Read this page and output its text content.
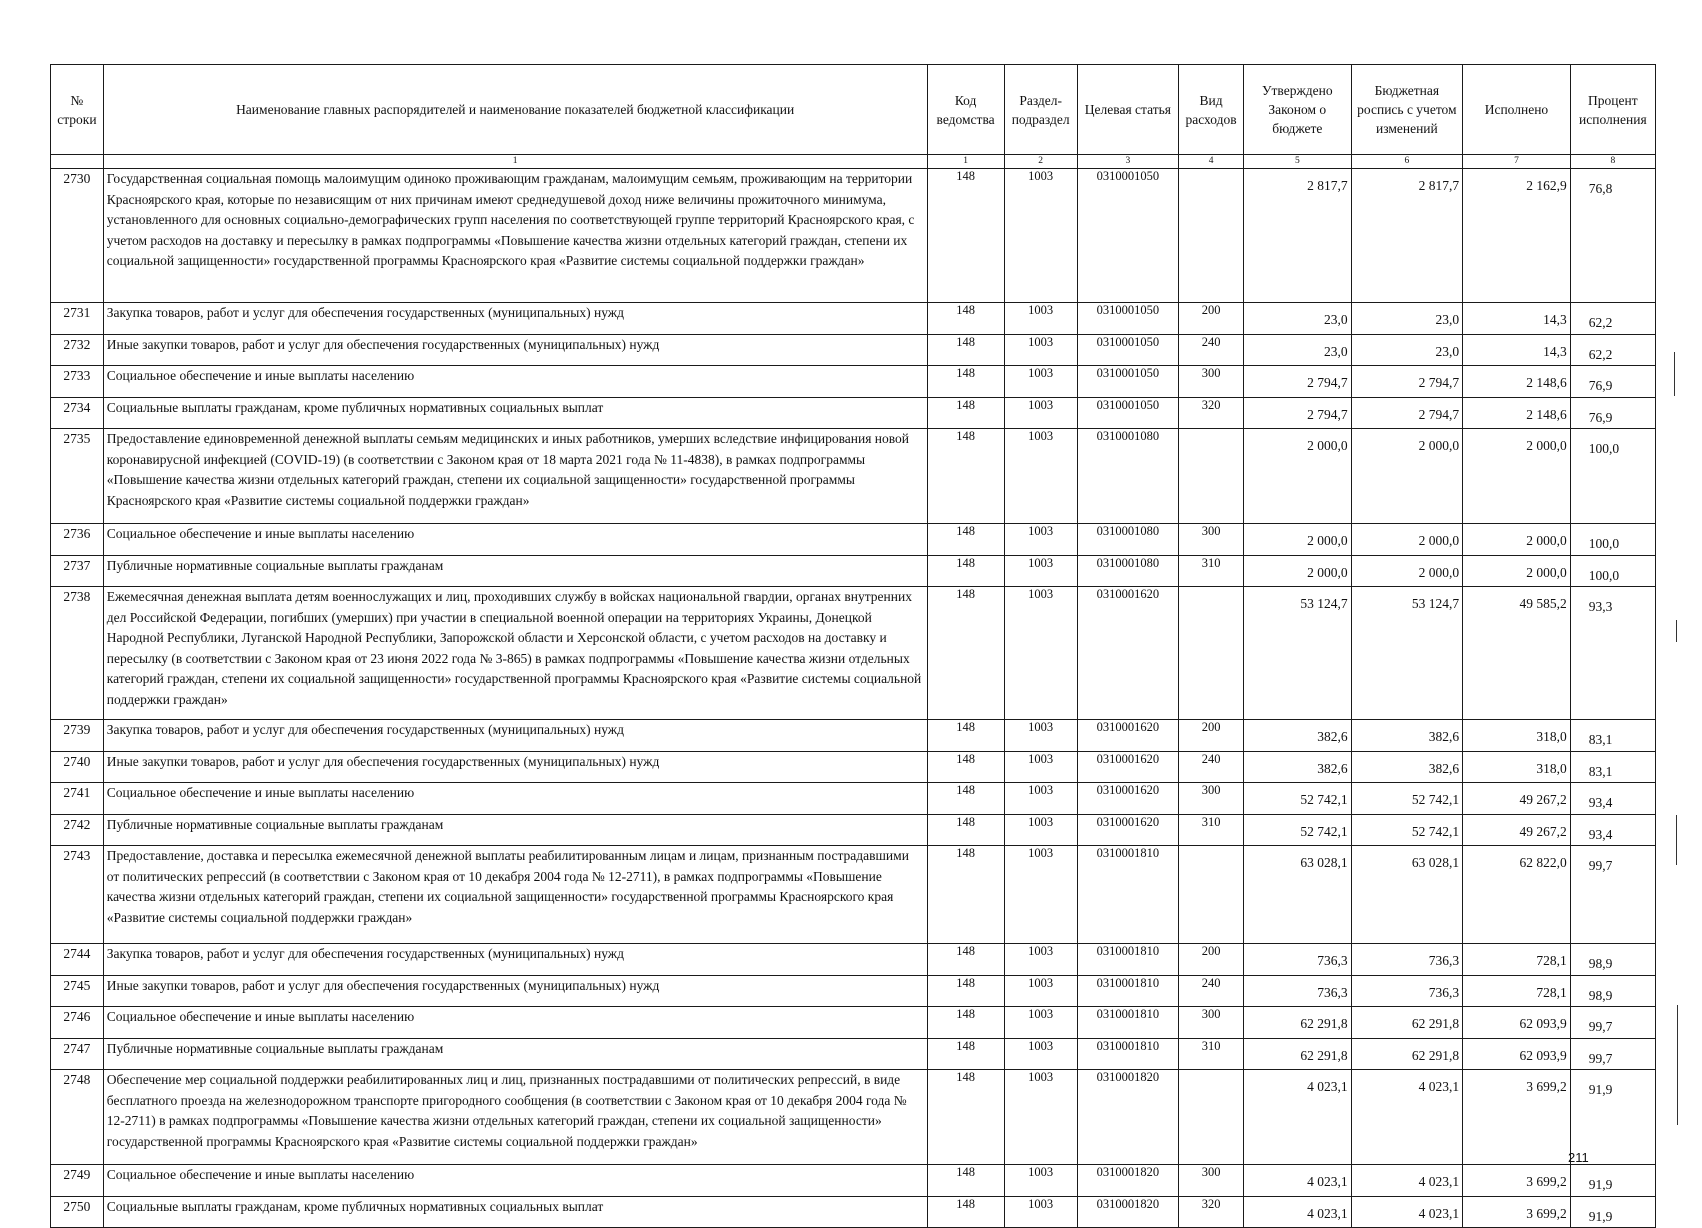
№ строки	Наименование главных распорядителей и наименование показателей бюджетной классификации	Код ведомства	Раздел-подраздел	Целевая статья	Вид расходов	Утверждено Законом о бюджете	Бюджетная роспись с учетом изменений	Исполнено	Процент исполнения
	1	1	2	3	4	5	6	7	8
2730	Государственная социальная помощь малоимущим одиноко проживающим гражданам, малоимущим семьям, проживающим на территории Красноярского края, которые по независящим от них причинам имеют среднедушевой доход ниже величины прожиточного минимума, установленного для основных социально-демографических групп населения по соответствующей группе территорий Красноярского края, с учетом расходов на доставку и пересылку в рамках подпрограммы «Повышение качества жизни отдельных категорий граждан, степени их социальной защищенности» государственной программы Красноярского края «Развитие системы социальной поддержки граждан»	148	1003	0310001050		2 817,7	2 817,7	2 162,9	76,8
2731	Закупка товаров, работ и услуг для обеспечения государственных (муниципальных) нужд	148	1003	0310001050	200	23,0	23,0	14,3	62,2
2732	Иные закупки товаров, работ и услуг для обеспечения государственных (муниципальных) нужд	148	1003	0310001050	240	23,0	23,0	14,3	62,2
2733	Социальное обеспечение и иные выплаты населению	148	1003	0310001050	300	2 794,7	2 794,7	2 148,6	76,9
2734	Социальные выплаты гражданам, кроме публичных нормативных социальных выплат	148	1003	0310001050	320	2 794,7	2 794,7	2 148,6	76,9
2735	Предоставление единовременной денежной выплаты семьям медицинских и иных работников, умерших вследствие инфицирования новой коронавирусной инфекцией (COVID-19) (в соответствии с Законом края от 18 марта 2021 года № 11-4838), в рамках подпрограммы «Повышение качества жизни отдельных категорий граждан, степени их социальной защищенности» государственной программы Красноярского края «Развитие системы социальной поддержки граждан»	148	1003	0310001080		2 000,0	2 000,0	2 000,0	100,0
2736	Социальное обеспечение и иные выплаты населению	148	1003	0310001080	300	2 000,0	2 000,0	2 000,0	100,0
2737	Публичные нормативные социальные выплаты гражданам	148	1003	0310001080	310	2 000,0	2 000,0	2 000,0	100,0
2738	Ежемесячная денежная выплата детям военнослужащих и лиц, проходивших службу в войсках национальной гвардии, органах внутренних дел Российской Федерации, погибших (умерших) при участии в специальной военной операции на территориях Украины, Донецкой Народной Республики, Луганской Народной Республики, Запорожской области и Херсонской области, с учетом расходов на доставку и пересылку (в соответствии с Законом края от 23 июня 2022 года № 3-865) в рамках подпрограммы «Повышение качества жизни отдельных категорий граждан, степени их социальной защищенности» государственной программы Красноярского края «Развитие системы социальной поддержки граждан»	148	1003	0310001620		53 124,7	53 124,7	49 585,2	93,3
2739	Закупка товаров, работ и услуг для обеспечения государственных (муниципальных) нужд	148	1003	0310001620	200	382,6	382,6	318,0	83,1
2740	Иные закупки товаров, работ и услуг для обеспечения государственных (муниципальных) нужд	148	1003	0310001620	240	382,6	382,6	318,0	83,1
2741	Социальное обеспечение и иные выплаты населению	148	1003	0310001620	300	52 742,1	52 742,1	49 267,2	93,4
2742	Публичные нормативные социальные выплаты гражданам	148	1003	0310001620	310	52 742,1	52 742,1	49 267,2	93,4
2743	Предоставление, доставка и пересылка ежемесячной денежной выплаты реабилитированным лицам и лицам, признанным пострадавшими от политических репрессий (в соответствии с Законом края от 10 декабря 2004 года № 12-2711), в рамках подпрограммы «Повышение качества жизни отдельных категорий граждан, степени их социальной защищенности» государственной программы Красноярского края «Развитие системы социальной поддержки граждан»	148	1003	0310001810		63 028,1	63 028,1	62 822,0	99,7
2744	Закупка товаров, работ и услуг для обеспечения государственных (муниципальных) нужд	148	1003	0310001810	200	736,3	736,3	728,1	98,9
2745	Иные закупки товаров, работ и услуг для обеспечения государственных (муниципальных) нужд	148	1003	0310001810	240	736,3	736,3	728,1	98,9
2746	Социальное обеспечение и иные выплаты населению	148	1003	0310001810	300	62 291,8	62 291,8	62 093,9	99,7
2747	Публичные нормативные социальные выплаты гражданам	148	1003	0310001810	310	62 291,8	62 291,8	62 093,9	99,7
2748	Обеспечение мер социальной поддержки реабилитированных лиц и лиц, признанных пострадавшими от политических репрессий, в виде бесплатного проезда на железнодорожном транспорте пригородного сообщения (в соответствии с Законом края от 10 декабря 2004 года № 12-2711) в рамках подпрограммы «Повышение качества жизни отдельных категорий граждан, степени их социальной защищенности» государственной программы Красноярского края «Развитие системы социальной поддержки граждан»	148	1003	0310001820		4 023,1	4 023,1	3 699,2	91,9
2749	Социальное обеспечение и иные выплаты населению	148	1003	0310001820	300	4 023,1	4 023,1	3 699,2	91,9
2750	Социальные выплаты гражданам, кроме публичных нормативных социальных выплат	148	1003	0310001820	320	4 023,1	4 023,1	3 699,2	91,9
211
